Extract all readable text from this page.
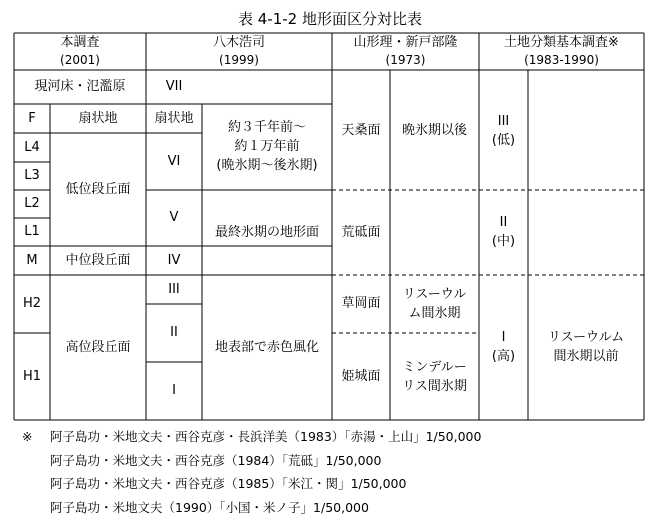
表 4-1-2 地形面区分対比表
本調査
(2001)
八木浩司
(1999)
山形理・新戸部隆
(1973)
土地分類基本調査※
(1983-1990)
現河床・氾濫原
F	扇状地
L4
L3
L2
L1
M
H2
H1
低位段丘面
中位段丘面
高位段丘面
VII
扇状地
VI
V
IV
III
II
I
約３千年前～
約１万年前
(晩氷期～後氷期)
最終氷期の地形面
地表部で赤色風化
天桑面	晩氷期以後
荒砥面
草岡面
リスーウル
ム間氷期
姫城面
ミンデルー
リス間氷期
III
(低)
II
(中)
I
(高)
リスーウルム
間氷期以前
※ 阿子島功・米地文夫・西谷克彦・長浜洋美（1983）「赤湯・上山」1/50,000
阿子島功・米地文夫・西谷克彦（1984）「荒砥」1/50,000
阿子島功・米地文夫・西谷克彦（1985）「米江・関」1/50,000
阿子島功・米地文夫（1990）「小国・米ノ子」1/50,000
